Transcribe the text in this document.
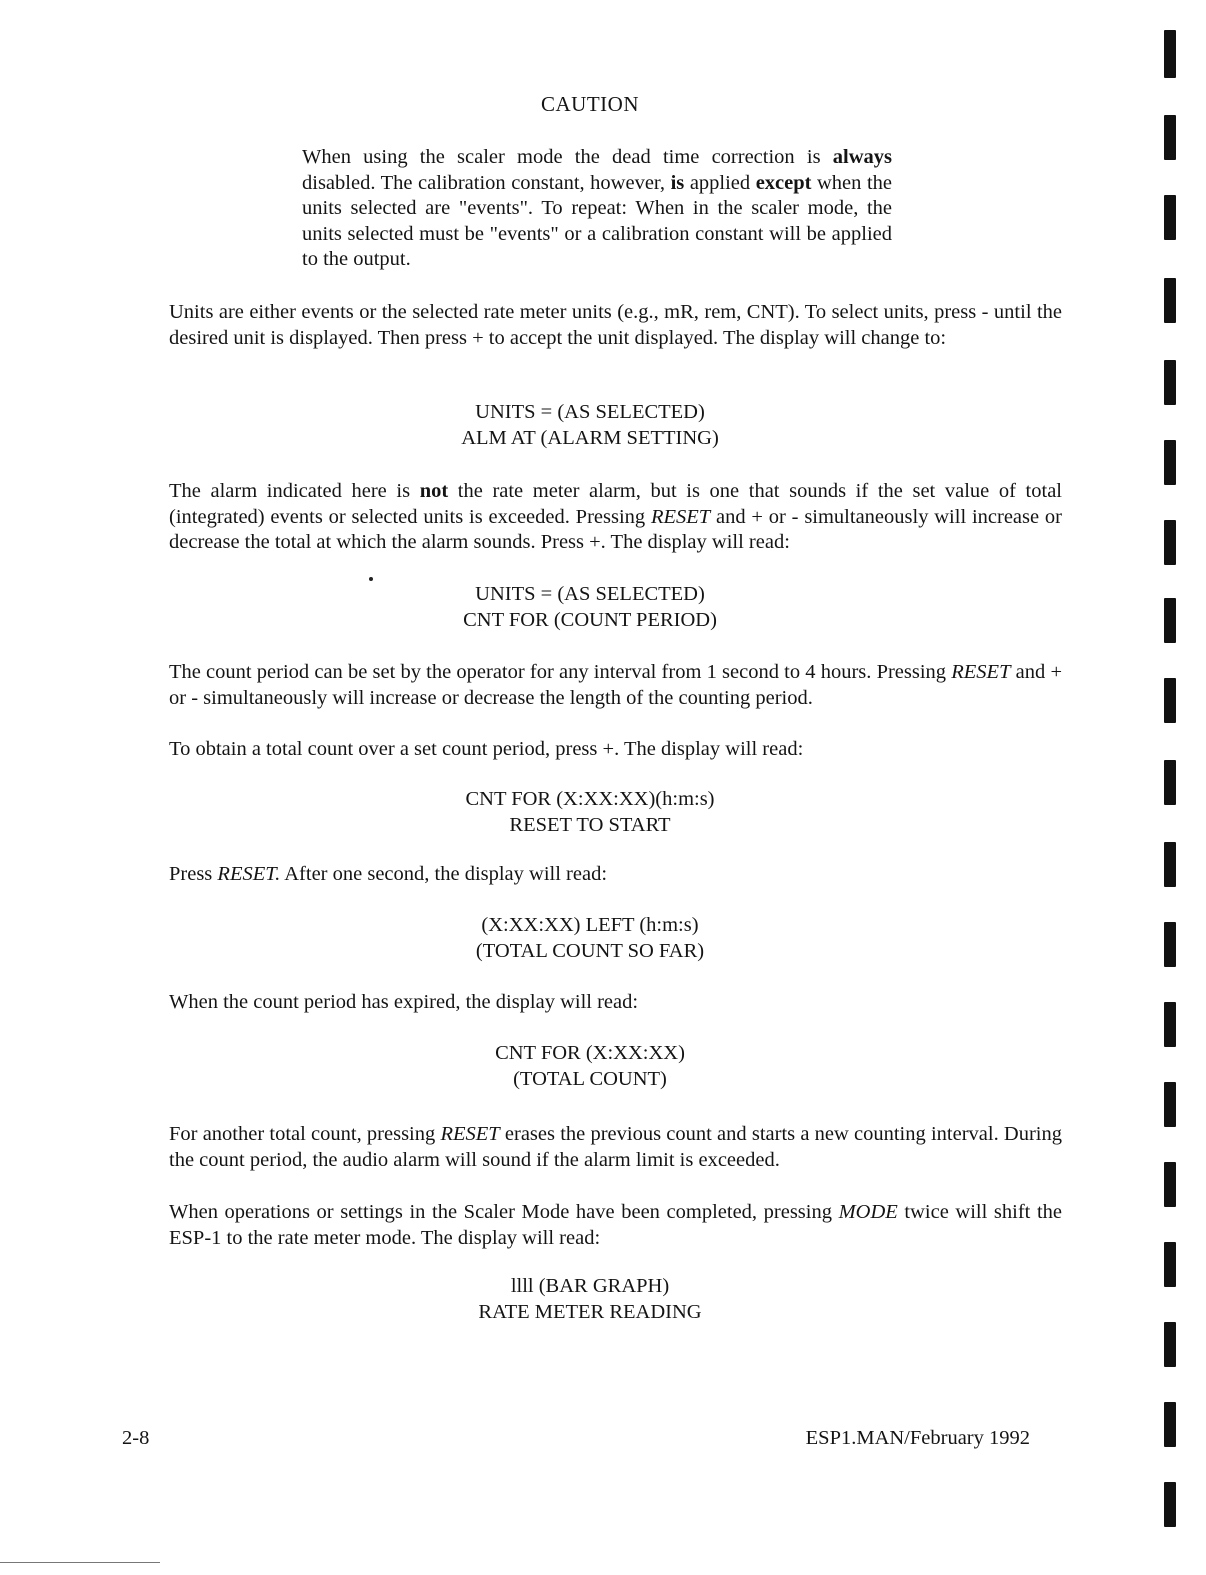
CAUTION
When using the scaler mode the dead time correction is always disabled. The calibration constant, however, is applied except when the units selected are "events". To repeat: When in the scaler mode, the units selected must be "events" or a calibration constant will be applied to the output.
Units are either events or the selected rate meter units (e.g., mR, rem, CNT). To select units, press - until the desired unit is displayed. Then press + to accept the unit displayed. The display will change to:
UNITS = (AS SELECTED)
ALM AT (ALARM SETTING)
The alarm indicated here is not the rate meter alarm, but is one that sounds if the set value of total (integrated) events or selected units is exceeded. Pressing RESET and + or - simultaneously will increase or decrease the total at which the alarm sounds. Press +. The display will read:
UNITS = (AS SELECTED)
CNT FOR (COUNT PERIOD)
The count period can be set by the operator for any interval from 1 second to 4 hours. Pressing RESET and + or - simultaneously will increase or decrease the length of the counting period.
To obtain a total count over a set count period, press +. The display will read:
CNT FOR (X:XX:XX)(h:m:s)
RESET TO START
Press RESET. After one second, the display will read:
(X:XX:XX) LEFT (h:m:s)
(TOTAL COUNT SO FAR)
When the count period has expired, the display will read:
CNT FOR (X:XX:XX)
(TOTAL COUNT)
For another total count, pressing RESET erases the previous count and starts a new counting interval. During the count period, the audio alarm will sound if the alarm limit is exceeded.
When operations or settings in the Scaler Mode have been completed, pressing MODE twice will shift the ESP-1 to the rate meter mode. The display will read:
llll (BAR GRAPH)
RATE METER READING
2-8	ESP1.MAN/February 1992
